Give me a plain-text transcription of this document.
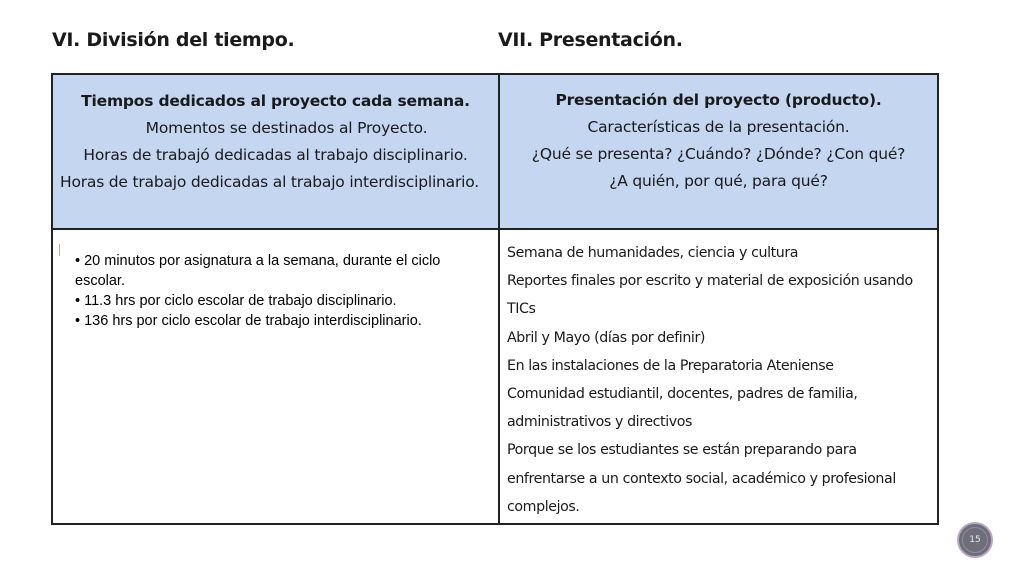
VI. División del tiempo.	VII. Presentación.

Tiempos dedicados al proyecto cada semana.

Momentos se destinados al Proyecto.

Horas de trabajó dedicadas al trabajo disciplinario.

Horas de trabajo dedicadas al trabajo interdisciplinario.

Presentación del proyecto (producto).

Características de la presentación.

¿Qué se presenta? ¿Cuándo? ¿Dónde? ¿Con qué?

¿A quién, por qué, para qué?

• 20 minutos por asignatura a la semana, durante el ciclo escolar.

• 11.3 hrs por ciclo escolar de trabajo disciplinario.

• 136 hrs por ciclo escolar de trabajo interdisciplinario.

Semana de humanidades, ciencia y cultura

Reportes finales por escrito y material de exposición usando

TICs

Abril y Mayo (días por definir)

En las instalaciones de la Preparatoria Ateniense

Comunidad estudiantil, docentes, padres de familia,

administrativos y directivos

Porque se los estudiantes se están preparando para

enfrentarse a un contexto social, académico y profesional

complejos.

15
